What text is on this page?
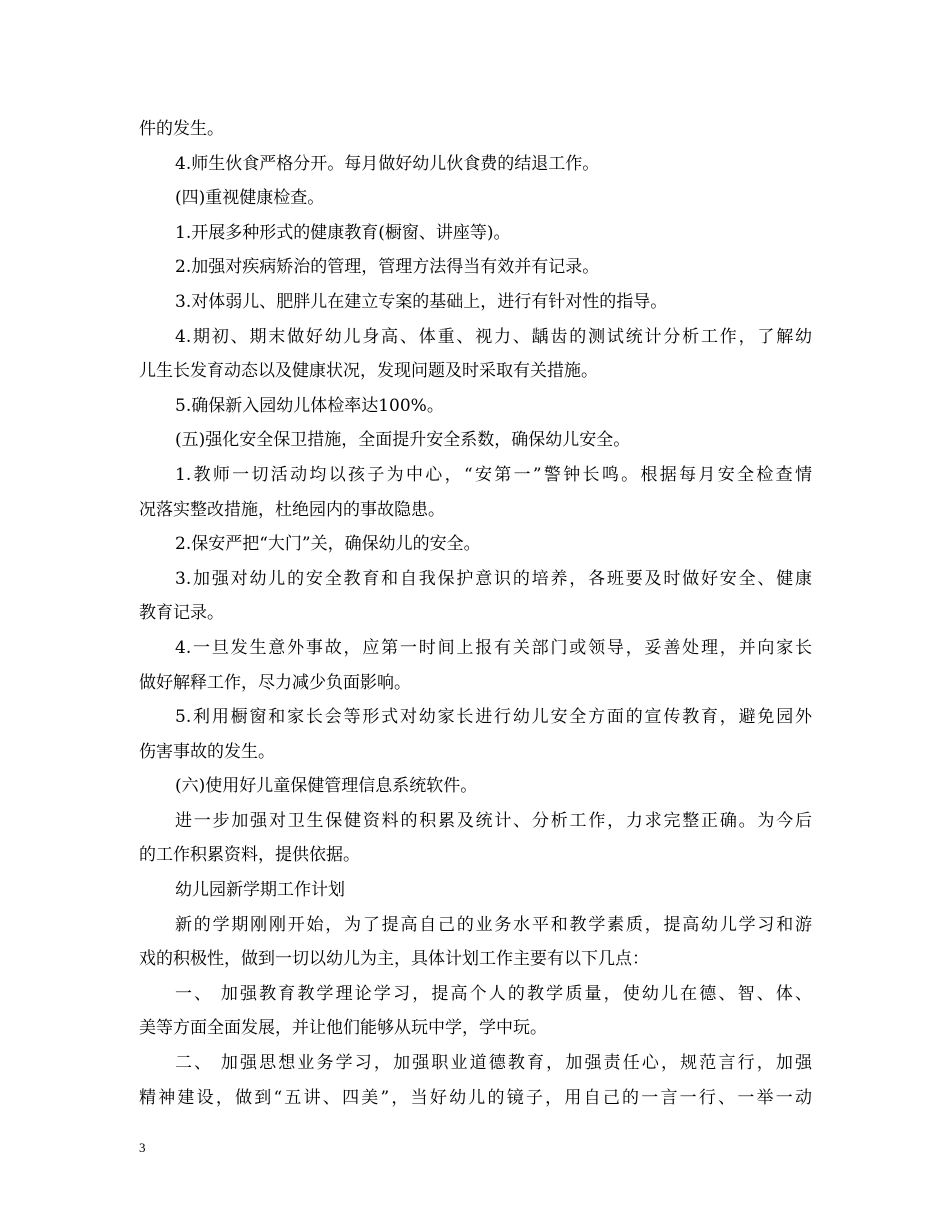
件的发生。
4.师生伙食严格分开。每月做好幼儿伙食费的结退工作。
(四)重视健康检查。
1.开展多种形式的健康教育(橱窗、讲座等)。
2.加强对疾病矫治的管理，管理方法得当有效并有记录。
3.对体弱儿、肥胖儿在建立专案的基础上，进行有针对性的指导。
4.期初、期末做好幼儿身高、体重、视力、龋齿的测试统计分析工作，了解幼
儿生长发育动态以及健康状况，发现问题及时采取有关措施。
5.确保新入园幼儿体检率达100%。
(五)强化安全保卫措施，全面提升安全系数，确保幼儿安全。
1.教师一切活动均以孩子为中心，“安第一”警钟长鸣。根据每月安全检查情
况落实整改措施，杜绝园内的事故隐患。
2.保安严把“大门”关，确保幼儿的安全。
3.加强对幼儿的安全教育和自我保护意识的培养，各班要及时做好安全、健康
教育记录。
4.一旦发生意外事故，应第一时间上报有关部门或领导，妥善处理，并向家长
做好解释工作，尽力减少负面影响。
5.利用橱窗和家长会等形式对幼家长进行幼儿安全方面的宣传教育，避免园外
伤害事故的发生。
(六)使用好儿童保健管理信息系统软件。
进一步加强对卫生保健资料的积累及统计、分析工作，力求完整正确。为今后
的工作积累资料，提供依据。
幼儿园新学期工作计划
新的学期刚刚开始，为了提高自己的业务水平和教学素质，提高幼儿学习和游
戏的积极性，做到一切以幼儿为主，具体计划工作主要有以下几点：
一、 加强教育教学理论学习，提高个人的教学质量，使幼儿在德、智、体、
美等方面全面发展，并让他们能够从玩中学，学中玩。
二、 加强思想业务学习，加强职业道德教育，加强责任心，规范言行，加强
精神建设，做到“五讲、四美”，当好幼儿的镜子，用自己的一言一行、一举一动
3
